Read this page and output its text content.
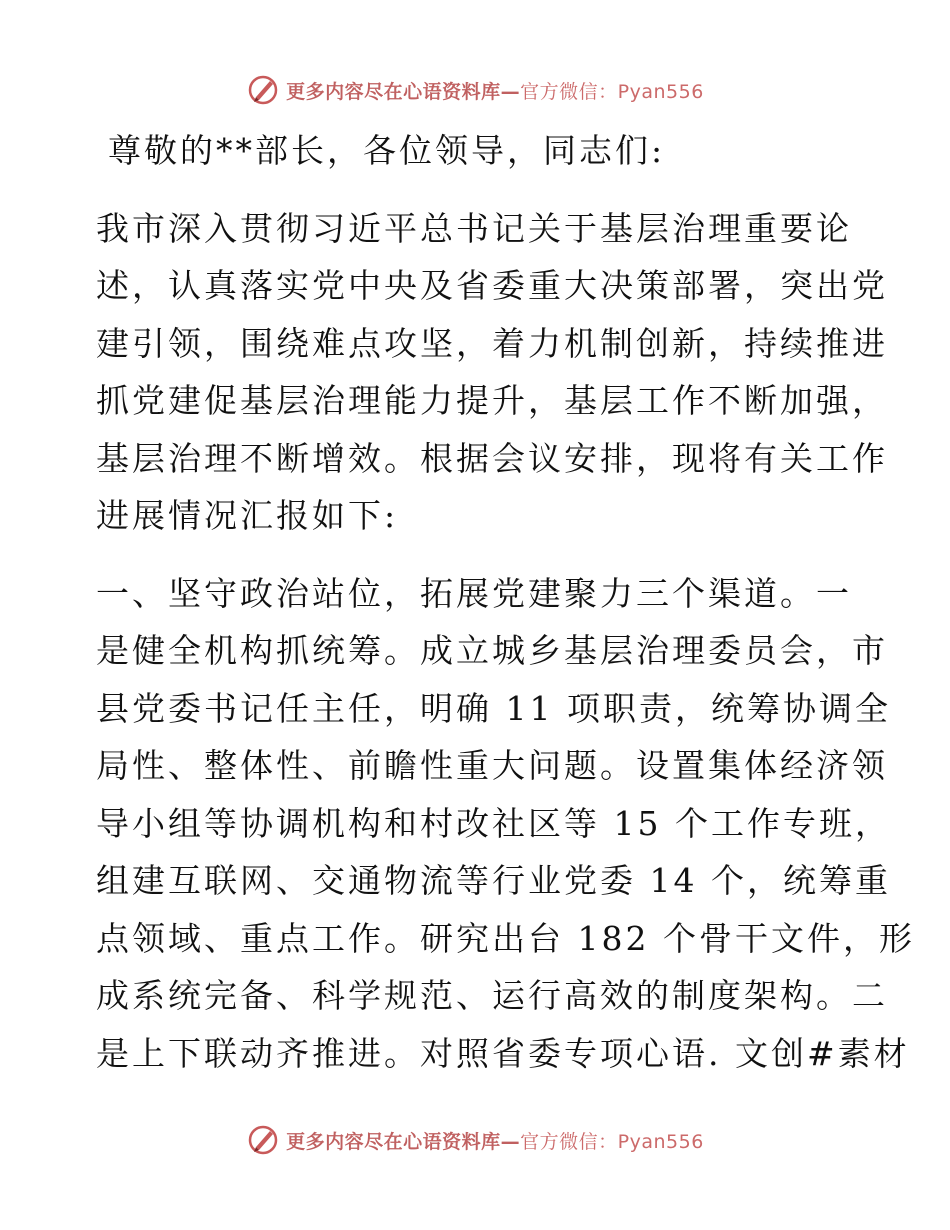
更多内容尽在心语资料库—官方微信：Pyan556

尊敬的**部长，各位领导，同志们:

我市深入贯彻习近平总书记关于基层治理重要论
述，认真落实党中央及省委重大决策部署，突出党
建引领，围绕难点攻坚，着力机制创新，持续推进
抓党建促基层治理能力提升，基层工作不断加强，
基层治理不断增效。根据会议安排，现将有关工作
进展情况汇报如下:

一、坚守政治站位，拓展党建聚力三个渠道。一
是健全机构抓统筹。成立城乡基层治理委员会，市
县党委书记任主任，明确 11 项职责，统筹协调全
局性、整体性、前瞻性重大问题。设置集体经济领
导小组等协调机构和村改社区等 15 个工作专班，
组建互联网、交通物流等行业党委 14 个，统筹重
点领域、重点工作。研究出台 182 个骨干文件，形
成系统完备、科学规范、运行高效的制度架构。二
是上下联动齐推进。对照省委专项心语. 文创#素材

更多内容尽在心语资料库—官方微信：Pyan556
